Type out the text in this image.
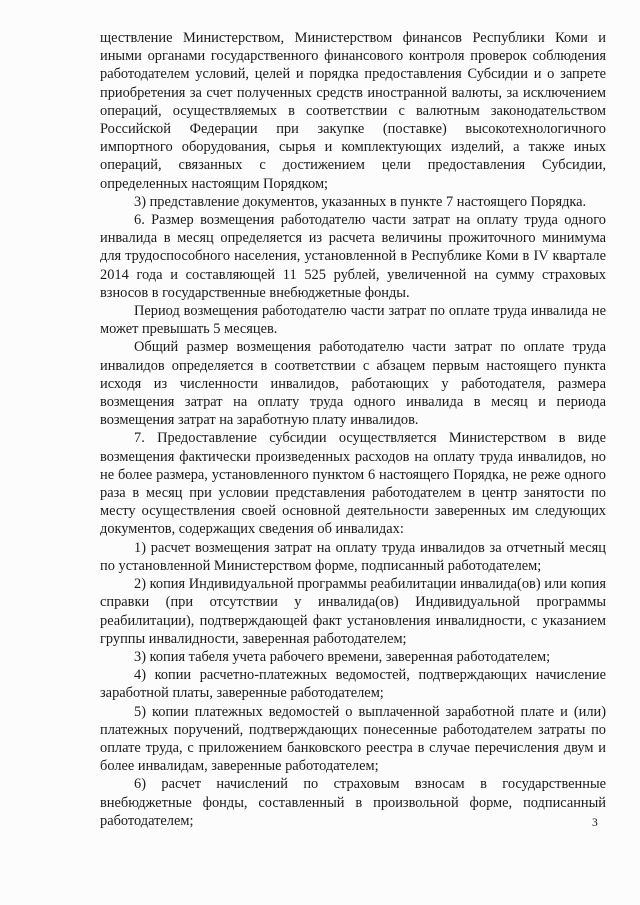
ществление Министерством, Министерством финансов Республики Коми и иными органами государственного финансового контроля проверок соблюдения работодателем условий, целей и порядка предоставления Субсидии и о запрете приобретения за счет полученных средств иностранной валюты, за исключением операций, осуществляемых в соответствии с валютным законодательством Российской Федерации при закупке (поставке) высокотехнологичного импортного оборудования, сырья и комплектующих изделий, а также иных операций, связанных с достижением цели предоставления Субсидии, определенных настоящим Порядком;

3) представление документов, указанных в пункте 7 настоящего Порядка.

6. Размер возмещения работодателю части затрат на оплату труда одного инвалида в месяц определяется из расчета величины прожиточного минимума для трудоспособного населения, установленной в Республике Коми в IV квартале 2014 года и составляющей 11 525 рублей, увеличенной на сумму страховых взносов в государственные внебюджетные фонды.

Период возмещения работодателю части затрат по оплате труда инвалида не может превышать 5 месяцев.

Общий размер возмещения работодателю части затрат по оплате труда инвалидов определяется в соответствии с абзацем первым настоящего пункта исходя из численности инвалидов, работающих у работодателя, размера возмещения затрат на оплату труда одного инвалида в месяц и периода возмещения затрат на заработную плату инвалидов.

7. Предоставление субсидии осуществляется Министерством в виде возмещения фактически произведенных расходов на оплату труда инвалидов, но не более размера, установленного пунктом 6 настоящего Порядка, не реже одного раза в месяц при условии представления работодателем в центр занятости по месту осуществления своей основной деятельности заверенных им следующих документов, содержащих сведения об инвалидах:

1) расчет возмещения затрат на оплату труда инвалидов за отчетный месяц по установленной Министерством форме, подписанный работодателем;

2) копия Индивидуальной программы реабилитации инвалида(ов) или копия справки (при отсутствии у инвалида(ов) Индивидуальной программы реабилитации), подтверждающей факт установления инвалидности, с указанием группы инвалидности, заверенная работодателем;

3) копия табеля учета рабочего времени, заверенная работодателем;

4) копии расчетно-платежных ведомостей, подтверждающих начисление заработной платы, заверенные работодателем;

5) копии платежных ведомостей о выплаченной заработной плате и (или) платежных поручений, подтверждающих понесенные работодателем затраты по оплате труда, с приложением банковского реестра в случае перечисления двум и более инвалидам, заверенные работодателем;

6) расчет начислений по страховым взносам в государственные внебюджетные фонды, составленный в произвольной форме, подписанный работодателем;	3
